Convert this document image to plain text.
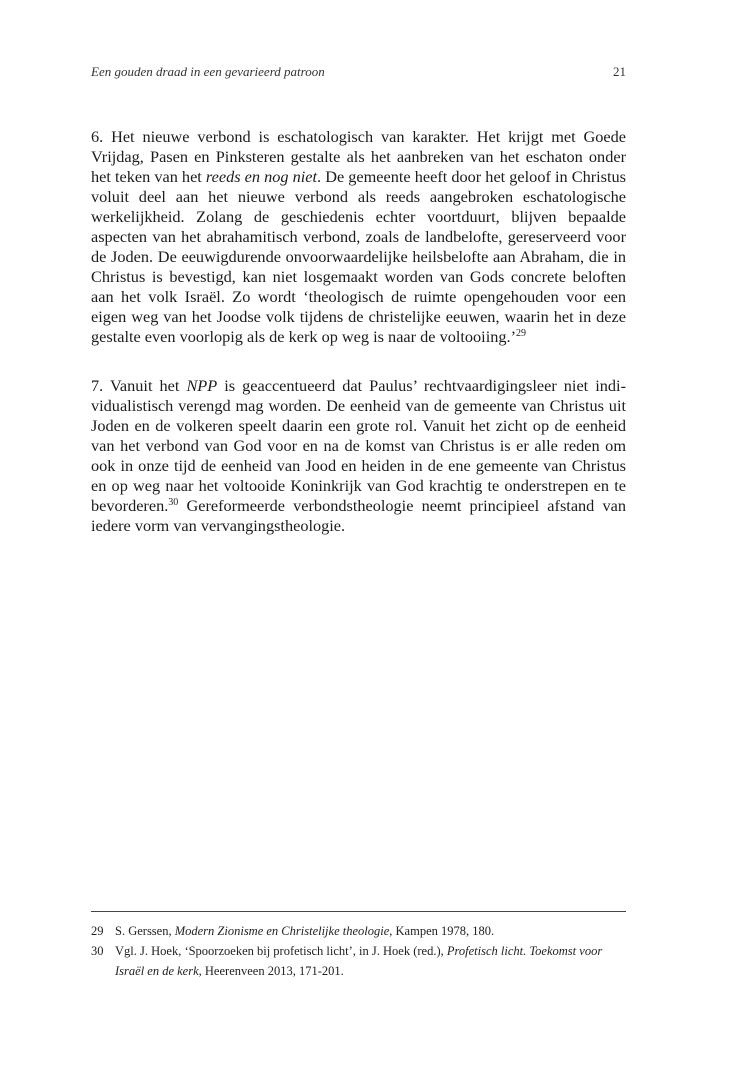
Een gouden draad in een gevarieerd patroon	21

6. Het nieuwe verbond is eschatologisch van karakter. Het krijgt met Goede Vrijdag, Pasen en Pinksteren gestalte als het aanbreken van het eschaton onder het teken van het reeds en nog niet. De gemeente heeft door het geloof in Christus voluit deel aan het nieuwe verbond als reeds aangebroken eschatologische werkelijkheid. Zolang de geschiedenis echter voortduurt, blijven bepaalde aspecten van het abrahamitisch verbond, zoals de landbelofte, gereserveerd voor de Joden. De eeuwigdurende onvoorwaardelijke heilsbelofte aan Abraham, die in Christus is bevestigd, kan niet losgemaakt worden van Gods concrete beloften aan het volk Israël. Zo wordt ‘theologisch de ruimte opengehouden voor een eigen weg van het Joodse volk tijdens de christelijke eeuwen, waarin het in deze gestalte even voorlopig als de kerk op weg is naar de voltooiing.’$^{29}$

7. Vanuit het NPP is geaccentueerd dat Paulus’ rechtvaardigingsleer niet individualistisch verengd mag worden. De eenheid van de gemeente van Christus uit Joden en de volkeren speelt daarin een grote rol. Vanuit het zicht op de eenheid van het verbond van God voor en na de komst van Christus is er alle reden om ook in onze tijd de eenheid van Jood en heiden in de ene gemeente van Christus en op weg naar het voltooide Koninkrijk van God krachtig te onderstrepen en te bevorderen.$^{30}$ Gereformeerde verbondstheologie neemt principieel afstand van iedere vorm van vervangingstheologie.

29 S. Gerssen, Modern Zionisme en Christelijke theologie, Kampen 1978, 180.

30 Vgl. J. Hoek, ‘Spoorzoeken bij profetisch licht’, in J. Hoek (red.), Profetisch licht. Toekomst voor Israël en de kerk, Heerenveen 2013, 171-201.
